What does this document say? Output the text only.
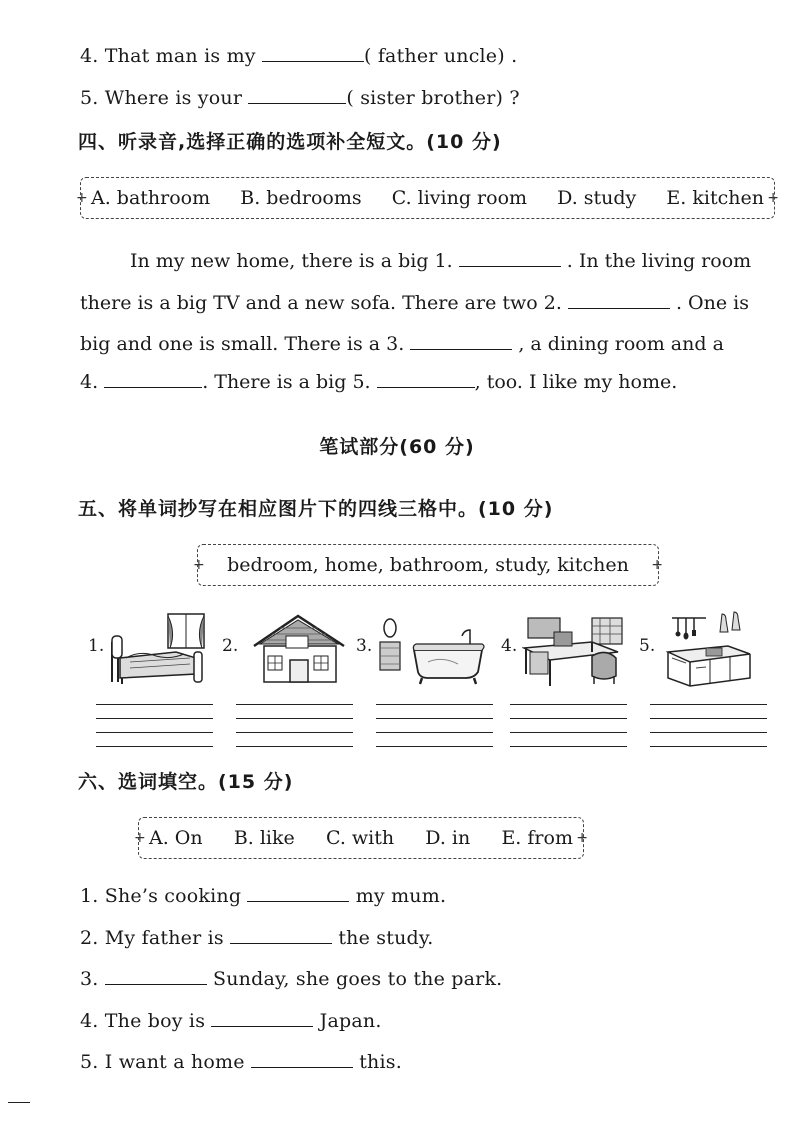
4. That man is my	( father uncle) .
5. Where is your	( sister brother) ?
四、听录音,选择正确的选项补全短文。(10 分)
+ A. bathroom B. bedrooms C. living room D. study E. kitchen
+
In my new home, there is a big 1.	. In the living room
there is a big TV and a new sofa. There are two 2.	. One is
big and one is small. There is a 3.	, a dining room and a
4.	. There is a big 5.	, too. I like my home.
笔试部分(60 分)
五、将单词抄写在相应图片下的四线三格中。(10 分)
+ bedroom, home, bathroom, study, kitchen +
1.	2.	3.	4.	5.
六、选词填空。(15 分)
+ A. On B. like C. with D. in E. from
+
1. She’s cooking	my mum.
2. My father is	the study.
3.	Sunday, she goes to the park.
4. The boy is	Japan.
5. I want a home	this.
